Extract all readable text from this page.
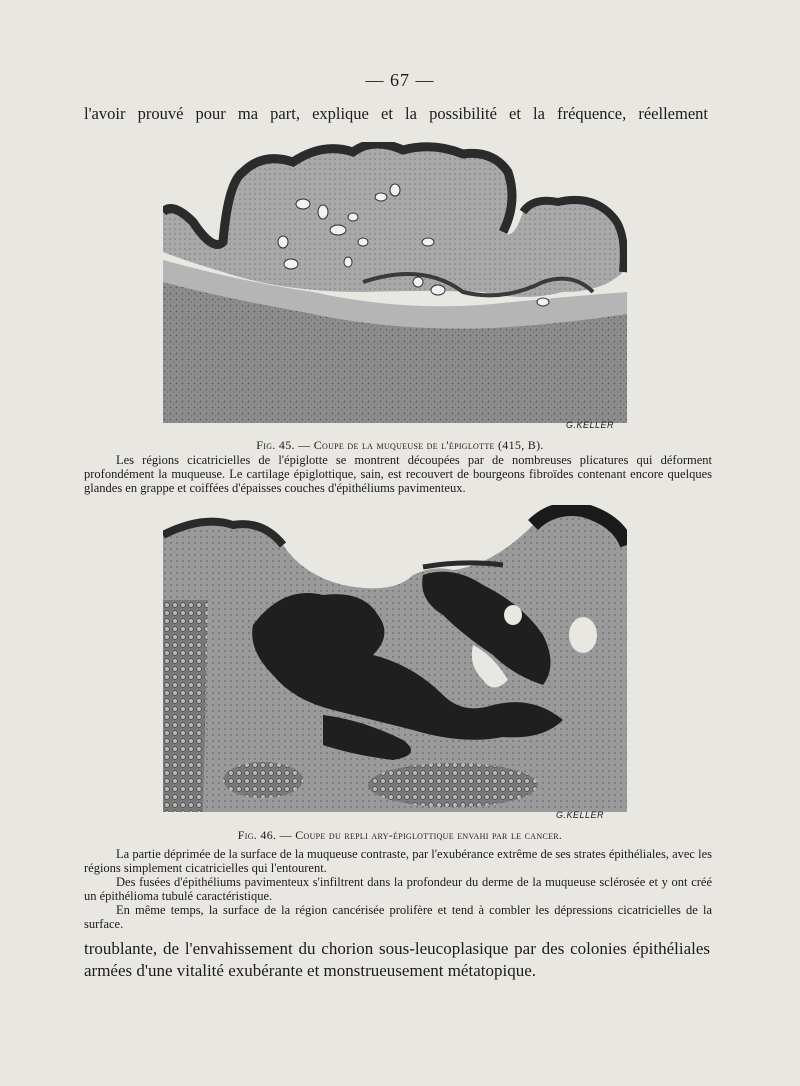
— 67 —
l'avoir prouvé pour ma part, explique et la possibilité et la fréquence, réellement
G.KELLER
Fig. 45. — Coupe de la muqueuse de l'épiglotte (415, B).

Les régions cicatricielles de l'épiglotte se montrent découpées par de nombreuses plicatures qui déforment profondément la muqueuse. Le cartilage épiglottique, sain, est recouvert de bourgeons fibroïdes contenant encore quelques glandes en grappe et coiffées d'épaisses couches d'épithéliums pavimenteux.

G.KELLER
Fig. 46. — Coupe du repli ary-épiglottique envahi par le cancer.

La partie déprimée de la surface de la muqueuse contraste, par l'exubérance extrême de ses strates épithéliales, avec les régions simplement cicatricielles qui l'entourent.

Des fusées d'épithéliums pavimenteux s'infiltrent dans la profondeur du derme de la muqueuse sclérosée et y ont créé un épithélioma tubulé caractéristique.

En même temps, la surface de la région cancérisée prolifère et tend à combler les dépressions cicatricielles de la surface.

troublante, de l'envahissement du chorion sous-leucoplasique par des colonies épithéliales armées d'une vitalité exubérante et monstrueusement métatopique.
